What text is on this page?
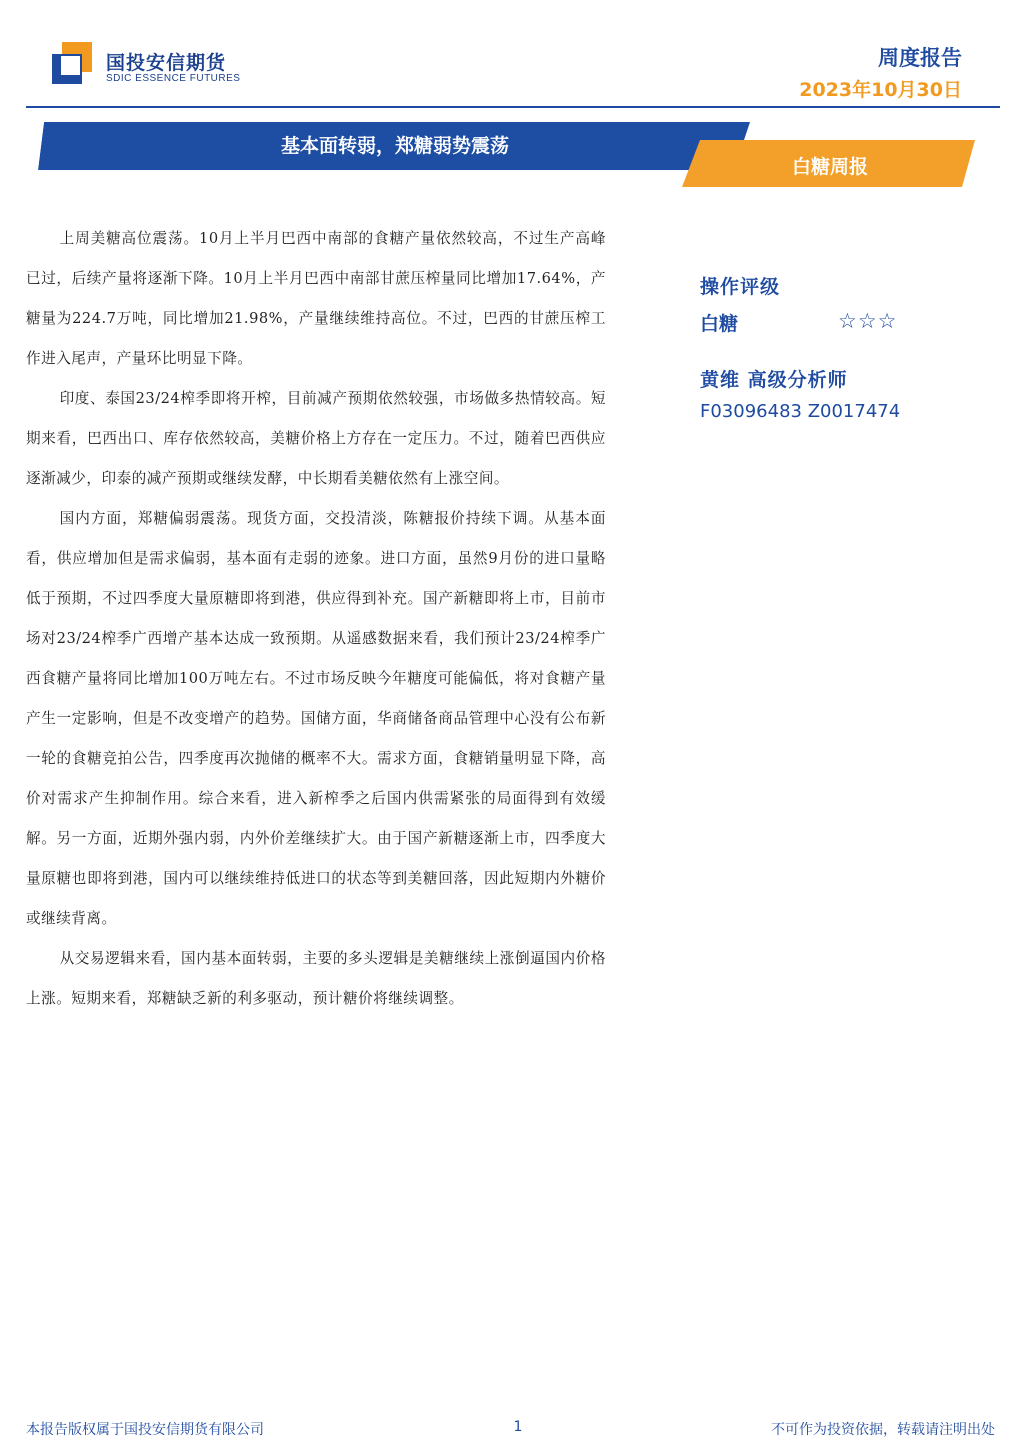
国投安信期货
SDIC ESSENCE FUTURES
周度报告
2023年10月30日
基本面转弱，郑糖弱势震荡
白糖周报

上周美糖高位震荡。10月上半月巴西中南部的食糖产量依然较高，不过生产高峰已过，后续产量将逐渐下降。10月上半月巴西中南部甘蔗压榨量同比增加17.64%，产糖量为224.7万吨，同比增加21.98%，产量继续维持高位。不过，巴西的甘蔗压榨工作进入尾声，产量环比明显下降。

印度、泰国23/24榨季即将开榨，目前减产预期依然较强，市场做多热情较高。短期来看，巴西出口、库存依然较高，美糖价格上方存在一定压力。不过，随着巴西供应逐渐减少，印泰的减产预期或继续发酵，中长期看美糖依然有上涨空间。

国内方面，郑糖偏弱震荡。现货方面，交投清淡，陈糖报价持续下调。从基本面看，供应增加但是需求偏弱，基本面有走弱的迹象。进口方面，虽然9月份的进口量略低于预期，不过四季度大量原糖即将到港，供应得到补充。国产新糖即将上市，目前市场对23/24榨季广西增产基本达成一致预期。从遥感数据来看，我们预计23/24榨季广西食糖产量将同比增加100万吨左右。不过市场反映今年糖度可能偏低，将对食糖产量产生一定影响，但是不改变增产的趋势。国储方面，华商储备商品管理中心没有公布新一轮的食糖竞拍公告，四季度再次抛储的概率不大。需求方面，食糖销量明显下降，高价对需求产生抑制作用。综合来看，进入新榨季之后国内供需紧张的局面得到有效缓解。另一方面，近期外强内弱，内外价差继续扩大。由于国产新糖逐渐上市，四季度大量原糖也即将到港，国内可以继续维持低进口的状态等到美糖回落，因此短期内外糖价或继续背离。

从交易逻辑来看，国内基本面转弱，主要的多头逻辑是美糖继续上涨倒逼国内价格上涨。短期来看，郑糖缺乏新的利多驱动，预计糖价将继续调整。

操作评级
白糖	☆☆☆
黄维 高级分析师
F03096483 Z0017474
本报告版权属于国投安信期货有限公司	1	不可作为投资依据，转载请注明出处
